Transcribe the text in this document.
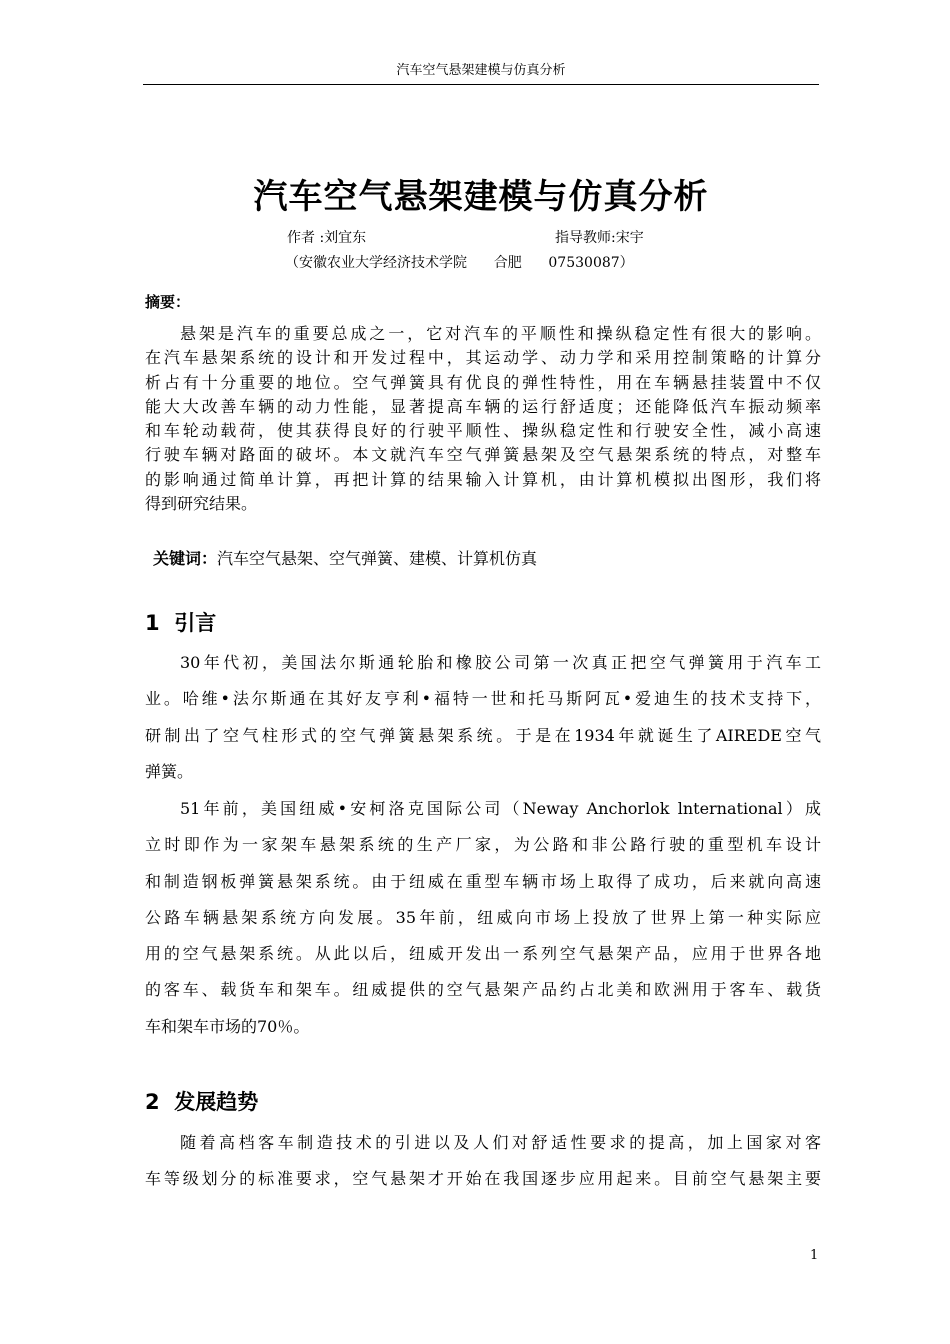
汽车空气悬架建模与仿真分析
汽车空气悬架建模与仿真分析
作者 :刘宜东	指导教师:宋宇
（安徽农业大学经济技术学院      合肥      07530087）
摘要：
悬架是汽车的重要总成之一，它对汽车的平顺性和操纵稳定性有很大的影响。
在汽车悬架系统的设计和开发过程中，其运动学、动力学和采用控制策略的计算分
析占有十分重要的地位。空气弹簧具有优良的弹性特性，用在车辆悬挂装置中不仅
能大大改善车辆的动力性能，显著提高车辆的运行舒适度；还能降低汽车振动频率
和车轮动载荷，使其获得良好的行驶平顺性、操纵稳定性和行驶安全性，减小高速
行驶车辆对路面的破坏。本文就汽车空气弹簧悬架及空气悬架系统的特点，对整车
的影响通过简单计算，再把计算的结果输入计算机，由计算机模拟出图形，我们将
得到研究结果。
关键词：汽车空气悬架、空气弹簧、建模、计算机仿真
1  引言
30年代初，美国法尔斯通轮胎和橡胶公司第一次真正把空气弹簧用于汽车工
业。哈维•法尔斯通在其好友亨利•福特一世和托马斯阿瓦•爱迪生的技术支持下，
研制出了空气柱形式的空气弹簧悬架系统。于是在1934年就诞生了AIREDE空气
弹簧。
51年前，美国纽威•安柯洛克国际公司（Neway Anchorlok lnternational）成
立时即作为一家架车悬架系统的生产厂家，为公路和非公路行驶的重型机车设计
和制造钢板弹簧悬架系统。由于纽威在重型车辆市场上取得了成功，后来就向高速
公路车辆悬架系统方向发展。35年前，纽威向市场上投放了世界上第一种实际应
用的空气悬架系统。从此以后，纽威开发出一系列空气悬架产品，应用于世界各地
的客车、载货车和架车。纽威提供的空气悬架产品约占北美和欧洲用于客车、载货
车和架车市场的70％。
2  发展趋势
随着高档客车制造技术的引进以及人们对舒适性要求的提高，加上国家对客
车等级划分的标准要求，空气悬架才开始在我国逐步应用起来。目前空气悬架主要
1
